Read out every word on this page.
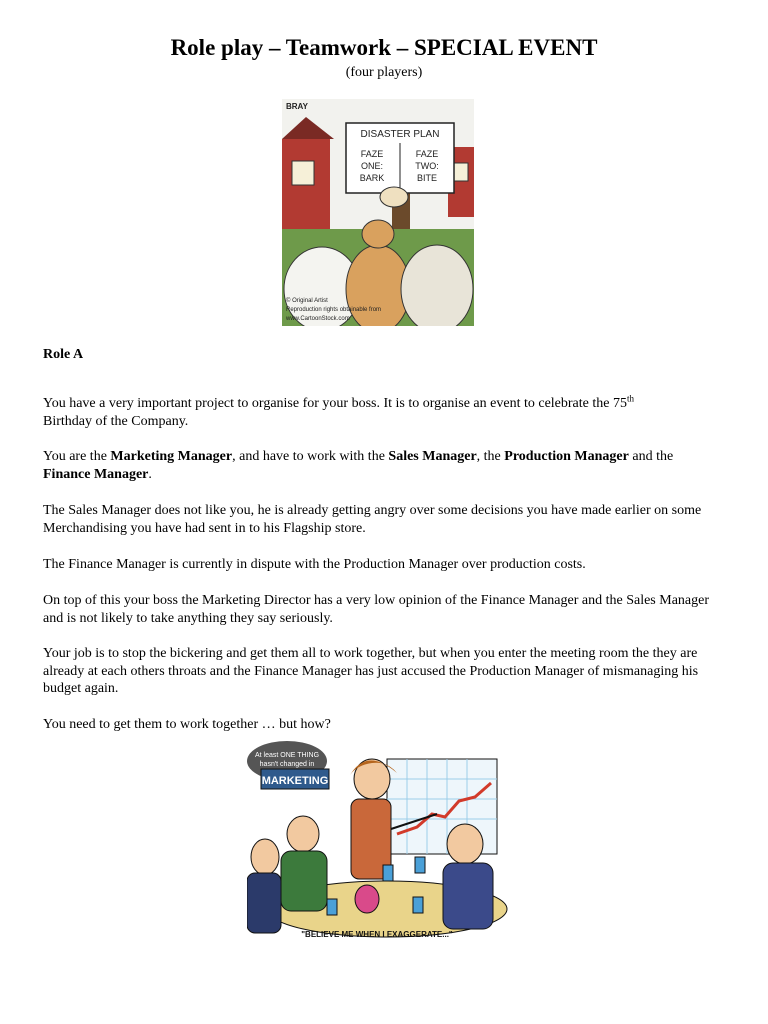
Role play – Teamwork – SPECIAL EVENT
(four players)
DISASTER PLAN
FAZE
ONE:
BARK
FAZE
TWO:
BITE
BRAY
© Original Artist
Reproduction rights obtainable from
www.CartoonStock.com
Role A

You have a very important project to organise for your boss. It is to organise an event to celebrate the 75th
Birthday of the Company.

You are the Marketing Manager, and have to work with the Sales Manager, the Production Manager and the Finance Manager.

The Sales Manager does not like you, he is already getting angry over some decisions you have made earlier on some Merchandising you have had sent in to his Flagship store.

The Finance Manager is currently in dispute with the Production Manager over production costs.

On top of this your boss the Marketing Director has a very low opinion of the Finance Manager and the Sales Manager and is not likely to take anything they say seriously.

Your job is to stop the bickering and get them all to work together, but when you enter the meeting room the they are already at each others throats and the Finance Manager has just accused the Production Manager of mismanaging his budget again.

You need to get them to work together … but how?

At least ONE THING
hasn't changed in
MARKETING
"BELIEVE ME WHEN I EXAGGERATE..."
